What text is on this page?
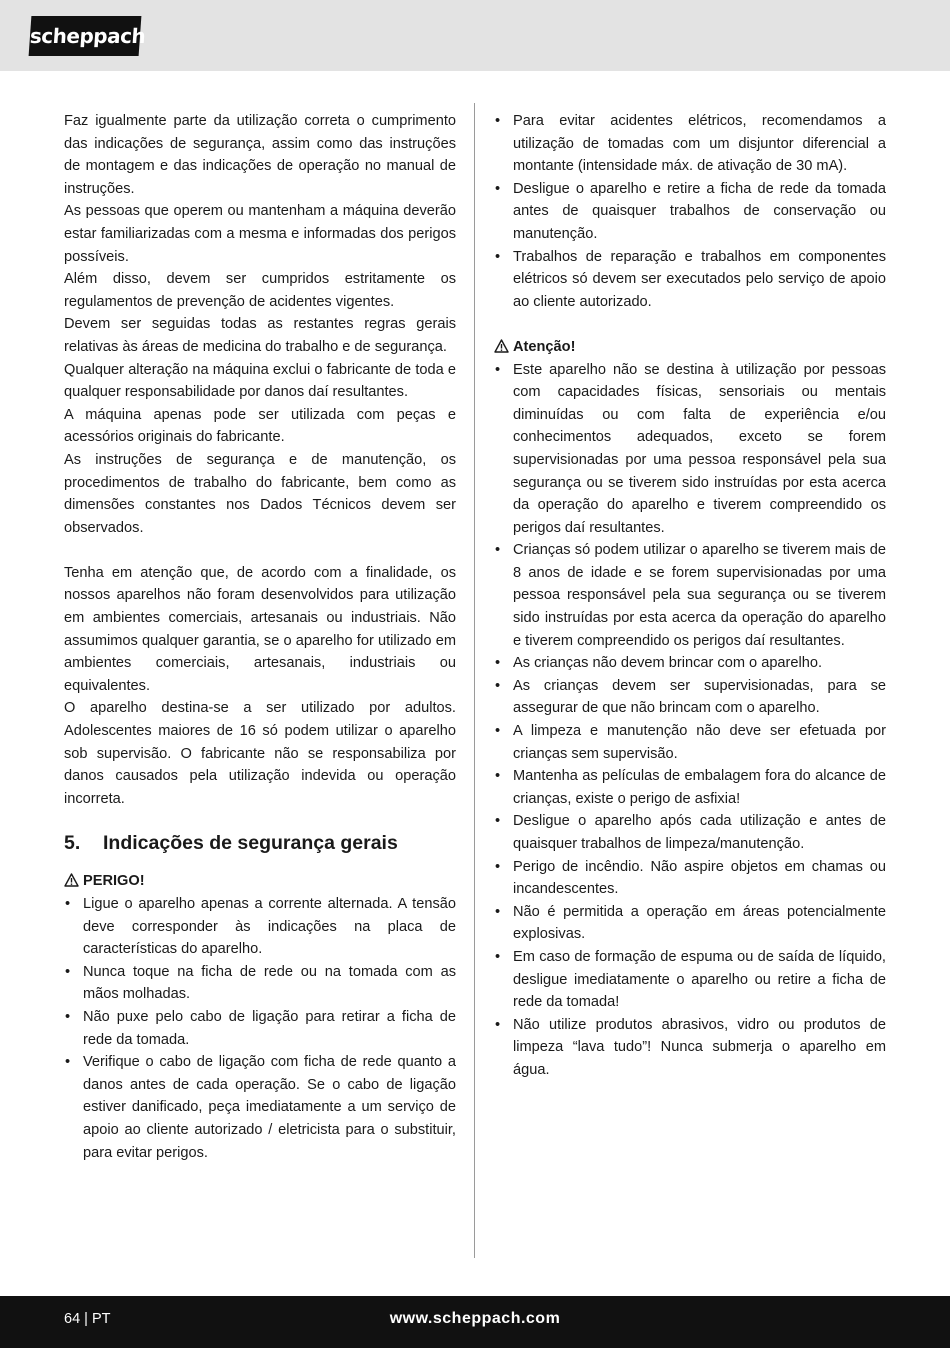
scheppach

Faz igualmente parte da utilização correta o cumprimento das indicações de segurança, assim como das instruções de montagem e das indicações de operação no manual de instruções.

As pessoas que operem ou mantenham a máquina deverão estar familiarizadas com a mesma e informadas dos perigos possíveis.

Além disso, devem ser cumpridos estritamente os regulamentos de prevenção de acidentes vigentes.

Devem ser seguidas todas as restantes regras gerais relativas às áreas de medicina do trabalho e de segurança.

Qualquer alteração na máquina exclui o fabricante de toda e qualquer responsabilidade por danos daí resultantes.

A máquina apenas pode ser utilizada com peças e acessórios originais do fabricante.

As instruções de segurança e de manutenção, os procedimentos de trabalho do fabricante, bem como as dimensões constantes nos Dados Técnicos devem ser observados.

Tenha em atenção que, de acordo com a finalidade, os nossos aparelhos não foram desenvolvidos para utilização em ambientes comerciais, artesanais ou industriais. Não assumimos qualquer garantia, se o aparelho for utilizado em ambientes comerciais, artesanais, industriais ou equivalentes.

O aparelho destina-se a ser utilizado por adultos. Adolescentes maiores de 16 só podem utilizar o aparelho sob supervisão. O fabricante não se responsabiliza por danos causados pela utilização indevida ou operação incorreta.

5. Indicações de segurança gerais

PERIGO!

• Ligue o aparelho apenas a corrente alternada. A tensão deve corresponder às indicações na placa de características do aparelho.
• Nunca toque na ficha de rede ou na tomada com as mãos molhadas.
• Não puxe pelo cabo de ligação para retirar a ficha de rede da tomada.
• Verifique o cabo de ligação com ficha de rede quanto a danos antes de cada operação. Se o cabo de ligação estiver danificado, peça imediatamente a um serviço de apoio ao cliente autorizado / eletricista para o substituir, para evitar perigos.
• Para evitar acidentes elétricos, recomendamos a utilização de tomadas com um disjuntor diferencial a montante (intensidade máx. de ativação de 30 mA).
• Desligue o aparelho e retire a ficha de rede da tomada antes de quaisquer trabalhos de conservação ou manutenção.
• Trabalhos de reparação e trabalhos em componentes elétricos só devem ser executados pelo serviço de apoio ao cliente autorizado.

Atenção!

• Este aparelho não se destina à utilização por pessoas com capacidades físicas, sensoriais ou mentais diminuídas ou com falta de experiência e/ou conhecimentos adequados, exceto se forem supervisionadas por uma pessoa responsável pela sua segurança ou se tiverem sido instruídas por esta acerca da operação do aparelho e tiverem compreendido os perigos daí resultantes.
• Crianças só podem utilizar o aparelho se tiverem mais de 8 anos de idade e se forem supervisionadas por uma pessoa responsável pela sua segurança ou se tiverem sido instruídas por esta acerca da operação do aparelho e tiverem compreendido os perigos daí resultantes.
• As crianças não devem brincar com o aparelho.
• As crianças devem ser supervisionadas, para se assegurar de que não brincam com o aparelho.
• A limpeza e manutenção não deve ser efetuada por crianças sem supervisão.
• Mantenha as películas de embalagem fora do alcance de crianças, existe o perigo de asfixia!
• Desligue o aparelho após cada utilização e antes de quaisquer trabalhos de limpeza/manutenção.
• Perigo de incêndio. Não aspire objetos em chamas ou incandescentes.
• Não é permitida a operação em áreas potencialmente explosivas.
• Em caso de formação de espuma ou de saída de líquido, desligue imediatamente o aparelho ou retire a ficha de rede da tomada!
• Não utilize produtos abrasivos, vidro ou produtos de limpeza “lava tudo”! Nunca submerja o aparelho em água.
64 | PT	www.scheppach.com
